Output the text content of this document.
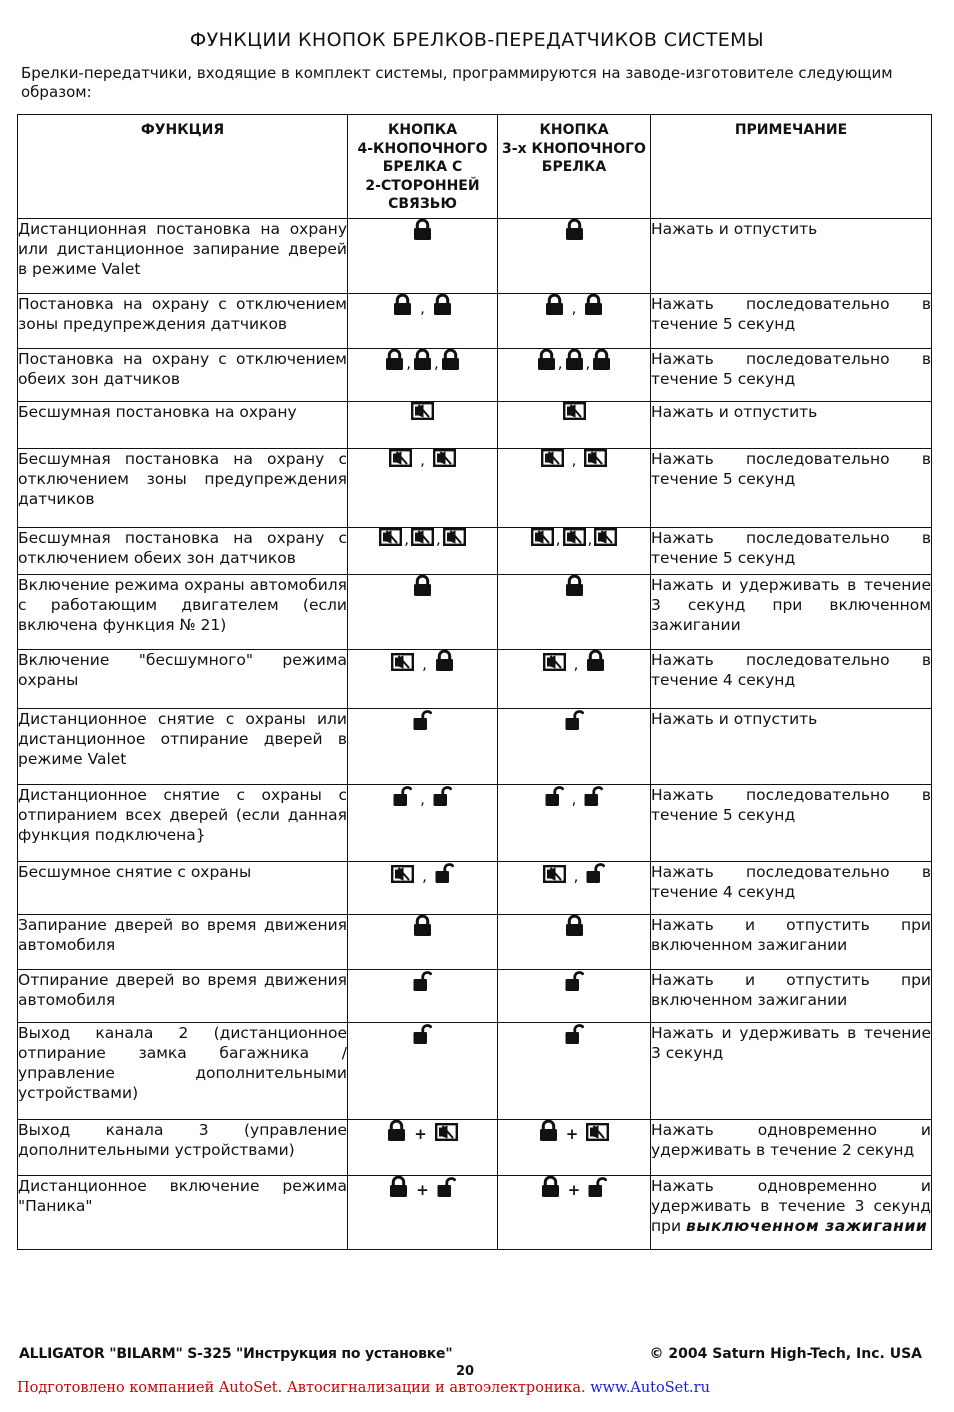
ФУНКЦИИ КНОПОК БРЕЛКОВ-ПЕРЕДАТЧИКОВ СИСТЕМЫ
Брелки-передатчики, входящие в комплект системы, программируются на заводе-изготовителе следующим образом:
ФУНКЦИЯ	КНОПКА
4-КНОПОЧНОГО
БРЕЛКА С
2-СТОРОННЕЙ
СВЯЗЬЮ	КНОПКА
3-х КНОПОЧНОГО
БРЕЛКА	ПРИМЕЧАНИЕ
Дистанционная постановка на охрану или дистанционное запирание дверей в режиме Valet			Нажать и отпустить
Постановка на охрану с отключением зоны предупреждения датчиков	,	,	Нажать последовательно в течение 5 секунд
Постановка на охрану с отключением обеих зон датчиков	, ,	, ,	Нажать последовательно в течение 5 секунд
Бесшумная постановка на охрану			Нажать и отпустить
Бесшумная постановка на охрану с отключением зоны предупреждения датчиков	,	,	Нажать последовательно в течение 5 секунд
Бесшумная постановка на охрану с отключением обеих зон датчиков	, ,	, ,	Нажать последовательно в течение 5 секунд
Включение режима охраны автомобиля с работающим двигателем (если включена функция № 21)			Нажать и удерживать в течение 3 секунд при включенном зажигании
Включение "бесшумного" режима охраны	,	,	Нажать последовательно в течение 4 секунд
Дистанционное снятие с охраны или дистанционное отпирание дверей в режиме Valet			Нажать и отпустить
Дистанционное снятие с охраны с отпиранием всех дверей (если данная функция подключена}	,	,	Нажать последовательно в течение 5 секунд
Бесшумное снятие с охраны	,	,	Нажать последовательно в течение 4 секунд
Запирание дверей во время движения автомобиля			Нажать и отпустить при включенном зажигании
Отпирание дверей во время движения автомобиля			Нажать и отпустить при включенном зажигании
Выход канала 2 (дистанционное отпирание замка багажника / управление дополнительными устройствами)			Нажать и удерживать в течение 3 секунд
Выход канала 3 (управление дополнительными устройствами)	+	+	Нажать одновременно и удерживать в течение 2 секунд
Дистанционное включение режима "Паника"	+	+	Нажать одновременно и удерживать в течение 3 секунд при выключенном зажигании
ALLIGATOR "BILARM" S-325 "Инструкция по установке"	© 2004 Saturn High-Tech, Inc. USA
20
Подготовлено компанией AutoSet. Автосигнализации и автоэлектроника. www.AutoSet.ru
